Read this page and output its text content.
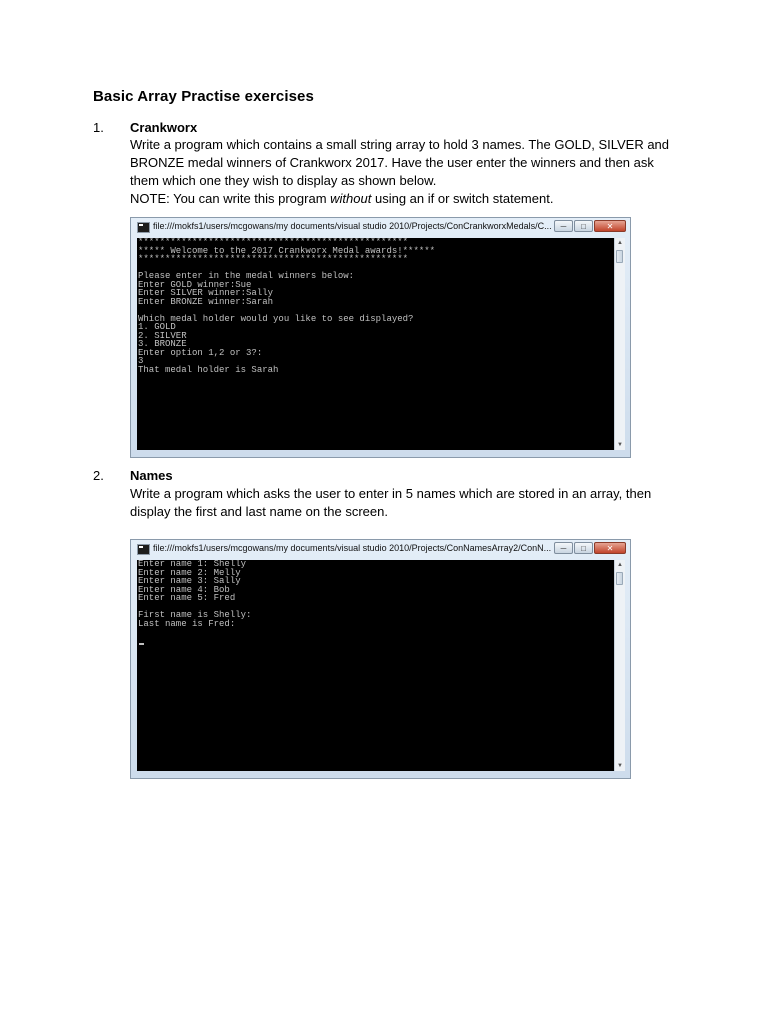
Basic Array Practise exercises
1. Crankworx

Write a program which contains a small string array to hold 3 names. The GOLD, SILVER and

BRONZE medal winners of Crankworx 2017. Have the user enter the winners and then ask

them which one they wish to display as shown below.

NOTE: You can write this program without using an if or switch statement.

file:///mokfs1/users/mcgowans/my documents/visual studio 2010/Projects/ConCrankworxMedals/C...	─	□	✕
**************************************************
***** Welcome to the 2017 Crankworx Medal awards!******
**************************************************

Please enter in the medal winners below:
Enter GOLD winner:Sue
Enter SILVER winner:Sally
Enter BRONZE winner:Sarah

Which medal holder would you like to see displayed?
1. GOLD
2. SILVER
3. BRONZE
Enter option 1,2 or 3?:
3
That medal holder is Sarah
▲
▼
2. Names

Write a program which asks the user to enter in 5 names which are stored in an array, then

display the first and last name on the screen.

file:///mokfs1/users/mcgowans/my documents/visual studio 2010/Projects/ConNamesArray2/ConN...	─	□	✕
Enter name 1: Shelly
Enter name 2: Melly
Enter name 3: Sally
Enter name 4: Bob
Enter name 5: Fred

First name is Shelly:
Last name is Fred:
▲
▼
